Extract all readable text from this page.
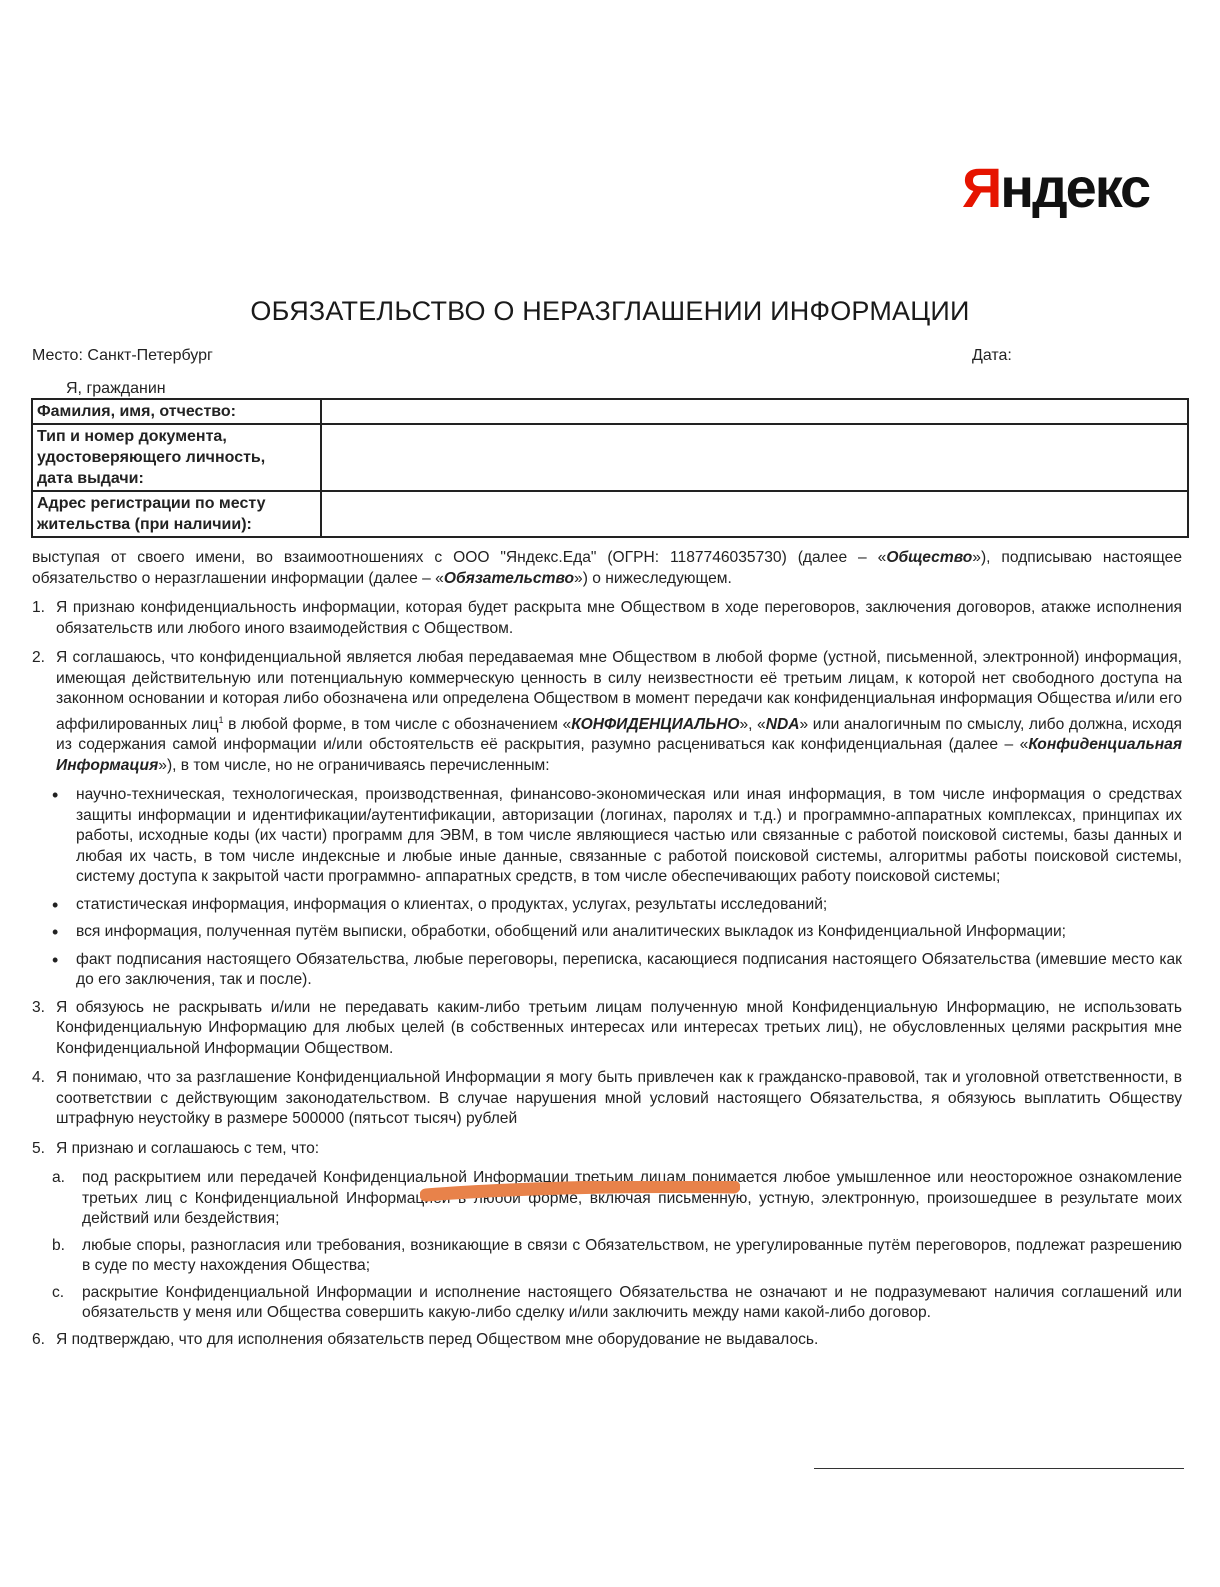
Яндекс
ОБЯЗАТЕЛЬСТВО О НЕРАЗГЛАШЕНИИ ИНФОРМАЦИИ
Место: Санкт-Петербург	Дата:
Я, гражданин
Фамилия, имя, отчество:	
Тип и номер документа,
удостоверяющего личность,
дата выдачи:	
Адрес регистрации по месту
жительства (при наличии):	

выступая от своего имени, во взаимоотношениях с ООО "Яндекс.Еда" (ОГРН: 1187746035730) (далее – «Общество»), подписываю настоящее обязательство о неразглашении информации (далее – «Обязательство») о нижеследующем.

1. Я признаю конфиденциальность информации, которая будет раскрыта мне Обществом в ходе переговоров, заключения договоров, атакже исполнения обязательств или любого иного взаимодействия с Обществом.
2. Я соглашаюсь, что конфиденциальной является любая передаваемая мне Обществом в любой форме (устной, письменной, электронной) информация, имеющая действительную или потенциальную коммерческую ценность в силу неизвестности её третьим лицам, к которой нет свободного доступа на законном основании и которая либо обозначена или определена Обществом в момент передачи как конфиденциальная информация Общества и/или его аффилированных лиц$^1$ в любой форме, в том числе с обозначением «КОНФИДЕНЦИАЛЬНО», «NDA» или аналогичным по смыслу, либо должна, исходя из содержания самой информации и/или обстоятельств её раскрытия, разумно расцениваться как конфиденциальная (далее – «Конфиденциальная Информация»), в том числе, но не ограничиваясь перечисленным:
•	научно-техническая, технологическая, производственная, финансово-экономическая или иная информация, в том числе информация о средствах защиты информации и идентификации/аутентификации, авторизации (логинах, паролях и т.д.) и программно-аппаратных комплексах, принципах их работы, исходные коды (их части) программ для ЭВМ, в том числе являющиеся частью или связанные с работой поисковой системы, базы данных и любая их часть, в том числе индексные и любые иные данные, связанные с работой поисковой системы, алгоритмы работы поисковой системы, систему доступа к закрытой части программно- аппаратных средств, в том числе обеспечивающих работу поисковой системы;
•	статистическая информация, информация о клиентах, о продуктах, услугах, результаты исследований;
•	вся информация, полученная путём выписки, обработки, обобщений или аналитических выкладок из Конфиденциальной Информации;
•	факт подписания настоящего Обязательства, любые переговоры, переписка, касающиеся подписания настоящего Обязательства (имевшие место как до его заключения, так и после).
3. Я обязуюсь не раскрывать и/или не передавать каким-либо третьим лицам полученную мной Конфиденциальную Информацию, не использовать Конфиденциальную Информацию для любых целей (в собственных интересах или интересах третьих лиц), не обусловленных целями раскрытия мне Конфиденциальной Информации Обществом.
4. Я понимаю, что за разглашение Конфиденциальной Информации я могу быть привлечен как к гражданско-правовой, так и уголовной ответственности, в соответствии с действующим законодательством. В случае нарушения мной условий настоящего Обязательства, я обязуюсь выплатить Обществу штрафную неустойку в размере 500000 (пятьсот тысяч) рублей
5. Я признаю и соглашаюсь с тем, что:
a.	под раскрытием или передачей Конфиденциальной Информации третьим лицам понимается любое умышленное или неосторожное ознакомление третьих лиц с Конфиденциальной Информацией в любой форме, включая письменную, устную, электронную, произошедшее в результате моих действий или бездействия;
b.	любые споры, разногласия или требования, возникающие в связи с Обязательством, не урегулированные путём переговоров, подлежат разрешению в суде по месту нахождения Общества;
c.	раскрытие Конфиденциальной Информации и исполнение настоящего Обязательства не означают и не подразумевают наличия соглашений или обязательств у меня или Общества совершить какую-либо сделку и/или заключить между нами какой-либо договор.
6. Я подтверждаю, что для исполнения обязательств перед Обществом мне оборудование не выдавалось.
